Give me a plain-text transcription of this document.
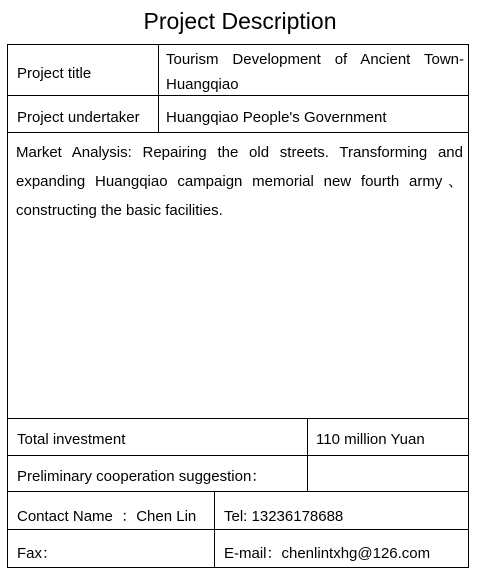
Project Description
Project title
Tourism Development of Ancient Town-Huangqiao
Project undertaker Huangqiao People's Government
Market Analysis: Repairing the old streets. Transforming and expanding Huangqiao campaign memorial new fourth army、constructing the basic facilities.
Total investment	110 million Yuan
Preliminary cooperation suggestion：
Contact Name  ：Chen Lin Tel: 13236178688
Fax：	E-mail：chenlintxhg@126.com
